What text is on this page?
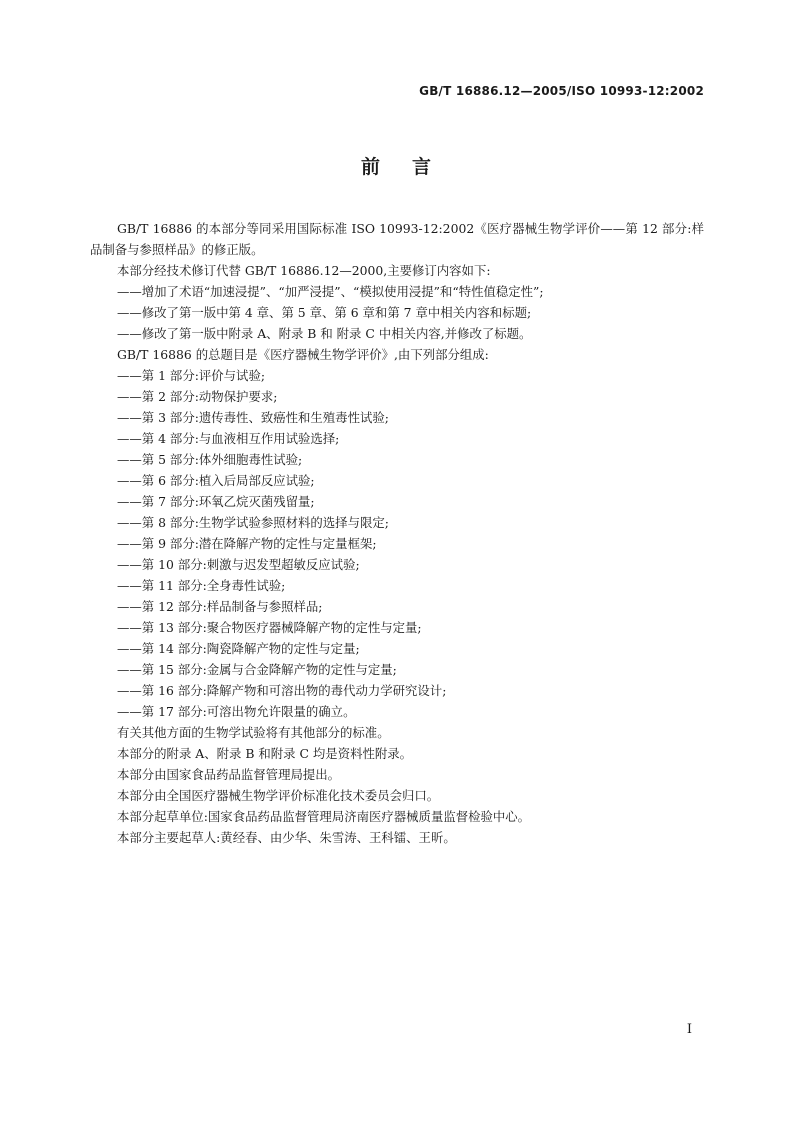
GB/T 16886.12—2005/ISO 10993-12:2002
前 言

GB/T 16886 的本部分等同采用国际标准 ISO 10993-12:2002《医疗器械生物学评价——第 12 部分:样品制备与参照样品》的修正版。

本部分经技术修订代替 GB/T 16886.12—2000,主要修订内容如下:

——增加了术语“加速浸提”、“加严浸提”、“模拟使用浸提”和“特性值稳定性”;

——修改了第一版中第 4 章、第 5 章、第 6 章和第 7 章中相关内容和标题;

——修改了第一版中附录 A、附录 B 和 附录 C 中相关内容,并修改了标题。

GB/T 16886 的总题目是《医疗器械生物学评价》,由下列部分组成:

——第 1 部分:评价与试验;

——第 2 部分:动物保护要求;

——第 3 部分:遗传毒性、致癌性和生殖毒性试验;

——第 4 部分:与血液相互作用试验选择;

——第 5 部分:体外细胞毒性试验;

——第 6 部分:植入后局部反应试验;

——第 7 部分:环氧乙烷灭菌残留量;

——第 8 部分:生物学试验参照材料的选择与限定;

——第 9 部分:潜在降解产物的定性与定量框架;

——第 10 部分:刺激与迟发型超敏反应试验;

——第 11 部分:全身毒性试验;

——第 12 部分:样品制备与参照样品;

——第 13 部分:聚合物医疗器械降解产物的定性与定量;

——第 14 部分:陶瓷降解产物的定性与定量;

——第 15 部分:金属与合金降解产物的定性与定量;

——第 16 部分:降解产物和可溶出物的毒代动力学研究设计;

——第 17 部分:可溶出物允许限量的确立。

有关其他方面的生物学试验将有其他部分的标准。

本部分的附录 A、附录 B 和附录 C 均是资料性附录。

本部分由国家食品药品监督管理局提出。

本部分由全国医疗器械生物学评价标准化技术委员会归口。

本部分起草单位:国家食品药品监督管理局济南医疗器械质量监督检验中心。

本部分主要起草人:黄经春、由少华、朱雪涛、王科镭、王昕。

I
